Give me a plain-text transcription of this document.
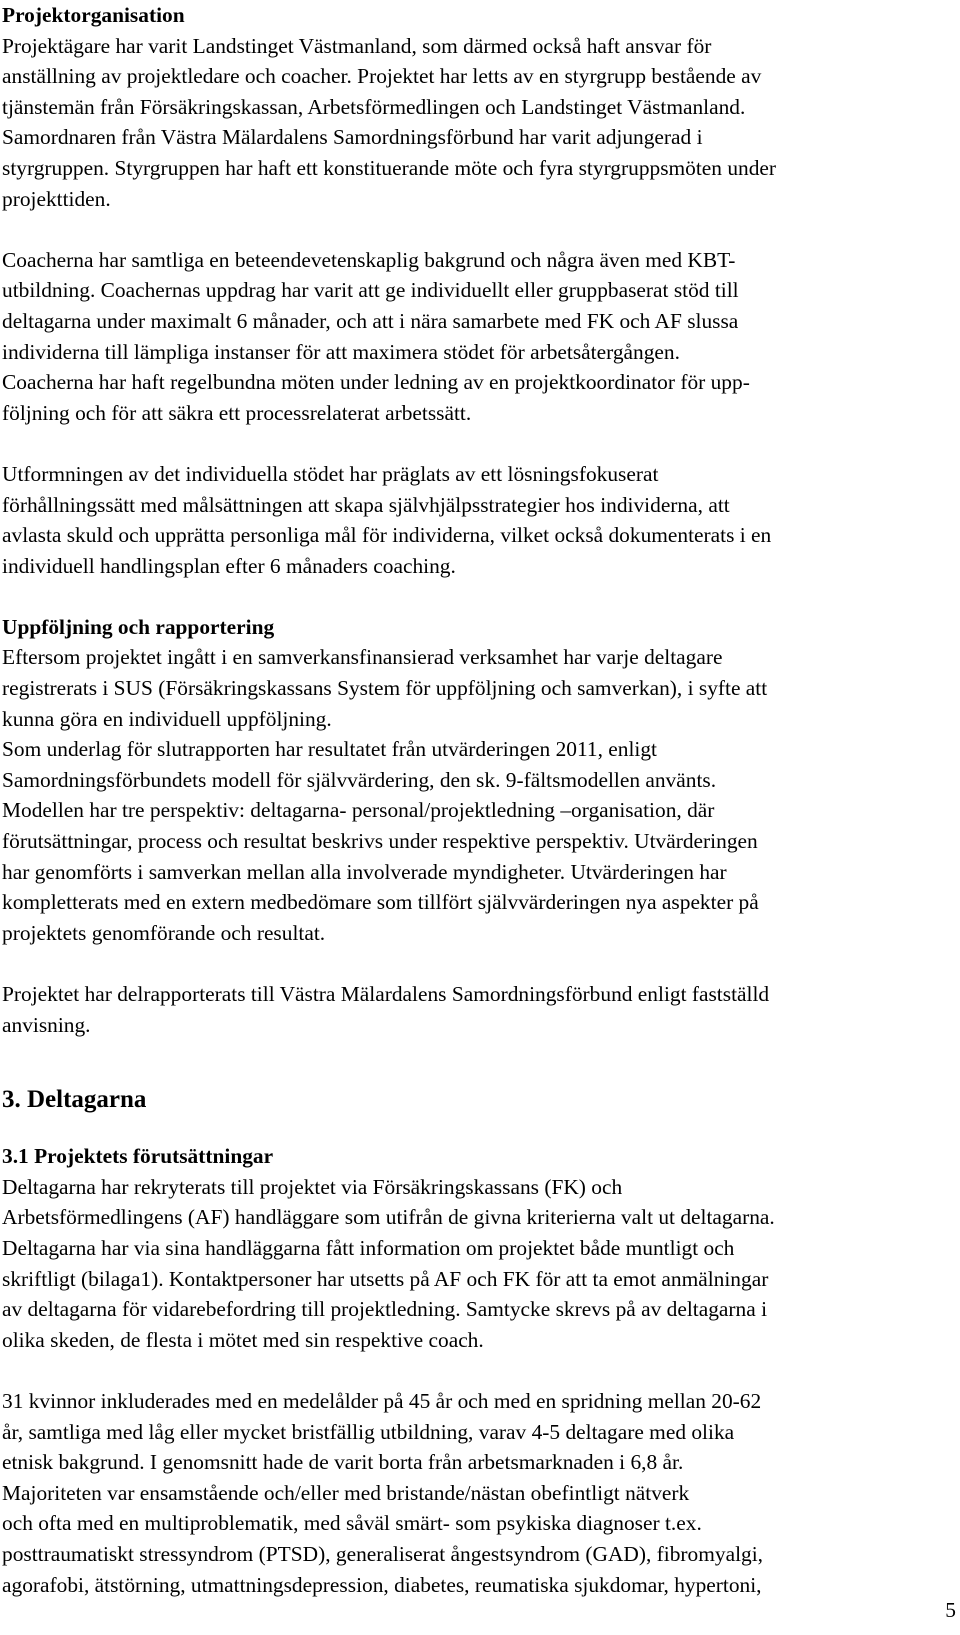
Projektorganisation
Projektägare har varit Landstinget Västmanland, som därmed också haft ansvar för
anställning av projektledare och coacher. Projektet har letts av en styrgrupp bestående av
tjänstemän från Försäkringskassan, Arbetsförmedlingen och Landstinget Västmanland.
Samordnaren från Västra Mälardalens Samordningsförbund har varit adjungerad i
styrgruppen. Styrgruppen har haft ett konstituerande möte och fyra styrgruppsmöten under
projekttiden.
Coacherna har samtliga en beteendevetenskaplig bakgrund och några även med KBT-
utbildning. Coachernas uppdrag har varit att ge individuellt eller gruppbaserat stöd till
deltagarna under maximalt 6 månader, och att i nära samarbete med FK och AF slussa
individerna till lämpliga instanser för att maximera stödet för arbetsåtergången.
Coacherna har haft regelbundna möten under ledning av en projektkoordinator för upp-
följning och för att säkra ett processrelaterat arbetssätt.
Utformningen av det individuella stödet har präglats av ett lösningsfokuserat
förhållningssätt med målsättningen att skapa självhjälpsstrategier hos individerna, att
avlasta skuld och upprätta personliga mål för individerna, vilket också dokumenterats i en
individuell handlingsplan efter 6 månaders coaching.
Uppföljning och rapportering
Eftersom projektet ingått i en samverkansfinansierad verksamhet har varje deltagare
registrerats i SUS (Försäkringskassans System för uppföljning och samverkan), i syfte att
kunna göra en individuell uppföljning.
Som underlag för slutrapporten har resultatet från utvärderingen 2011, enligt
Samordningsförbundets modell för självvärdering, den sk. 9-fältsmodellen använts.
Modellen har tre perspektiv: deltagarna- personal/projektledning –organisation, där
förutsättningar, process och resultat beskrivs under respektive perspektiv. Utvärderingen
har genomförts i samverkan mellan alla involverade myndigheter. Utvärderingen har
kompletterats med en extern medbedömare som tillfört självvärderingen nya aspekter på
projektets genomförande och resultat.
Projektet har delrapporterats till Västra Mälardalens Samordningsförbund enligt fastställd
anvisning.
3. Deltagarna
3.1 Projektets förutsättningar
Deltagarna har rekryterats till projektet via Försäkringskassans (FK) och
Arbetsförmedlingens (AF) handläggare som utifrån de givna kriterierna valt ut deltagarna.
Deltagarna har via sina handläggarna fått information om projektet både muntligt och
skriftligt (bilaga1). Kontaktpersoner har utsetts på AF och FK för att ta emot anmälningar
av deltagarna för vidarebefordring till projektledning. Samtycke skrevs på av deltagarna i
olika skeden, de flesta i mötet med sin respektive coach.
31 kvinnor inkluderades med en medelålder på 45 år och med en spridning mellan 20-62
år, samtliga med låg eller mycket bristfällig utbildning, varav 4-5 deltagare med olika
etnisk bakgrund. I genomsnitt hade de varit borta från arbetsmarknaden i 6,8 år.
Majoriteten var ensamstående och/eller med bristande/nästan obefintligt nätverk
och ofta med en multiproblematik, med såväl smärt- som psykiska diagnoser t.ex.
posttraumatiskt stressyndrom (PTSD), generaliserat ångestsyndrom (GAD), fibromyalgi,
agorafobi, ätstörning, utmattningsdepression, diabetes, reumatiska sjukdomar, hypertoni,
5
